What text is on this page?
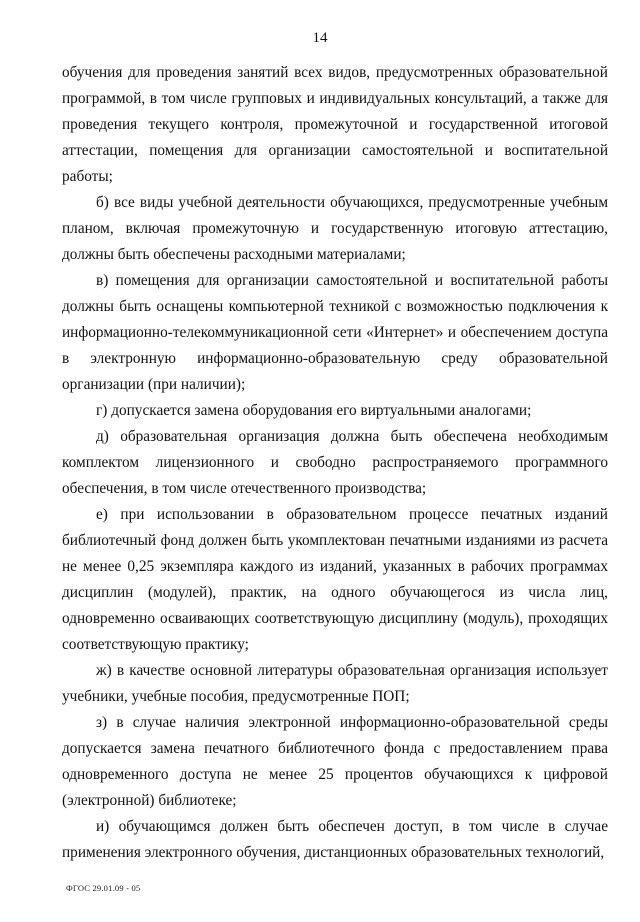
14

обучения для проведения занятий всех видов, предусмотренных образовательной программой, в том числе групповых и индивидуальных консультаций, а также для проведения текущего контроля, промежуточной и государственной итоговой аттестации, помещения для организации самостоятельной и воспитательной работы;

б) все виды учебной деятельности обучающихся, предусмотренные учебным планом, включая промежуточную и государственную итоговую аттестацию, должны быть обеспечены расходными материалами;

в) помещения для организации самостоятельной и воспитательной работы должны быть оснащены компьютерной техникой с возможностью подключения к информационно-телекоммуникационной сети «Интернет» и обеспечением доступа в электронную информационно-образовательную среду образовательной организации (при наличии);

г) допускается замена оборудования его виртуальными аналогами;

д) образовательная организация должна быть обеспечена необходимым комплектом лицензионного и свободно распространяемого программного обеспечения, в том числе отечественного производства;

е) при использовании в образовательном процессе печатных изданий библиотечный фонд должен быть укомплектован печатными изданиями из расчета не менее 0,25 экземпляра каждого из изданий, указанных в рабочих программах дисциплин (модулей), практик, на одного обучающегося из числа лиц, одновременно осваивающих соответствующую дисциплину (модуль), проходящих соответствующую практику;

ж) в качестве основной литературы образовательная организация использует учебники, учебные пособия, предусмотренные ПОП;

з) в случае наличия электронной информационно-образовательной среды допускается замена печатного библиотечного фонда с предоставлением права одновременного доступа не менее 25 процентов обучающихся к цифровой (электронной) библиотеке;

и) обучающимся должен быть обеспечен доступ, в том числе в случае применения электронного обучения, дистанционных образовательных технологий,

ФГОС 29.01.09 - 05
